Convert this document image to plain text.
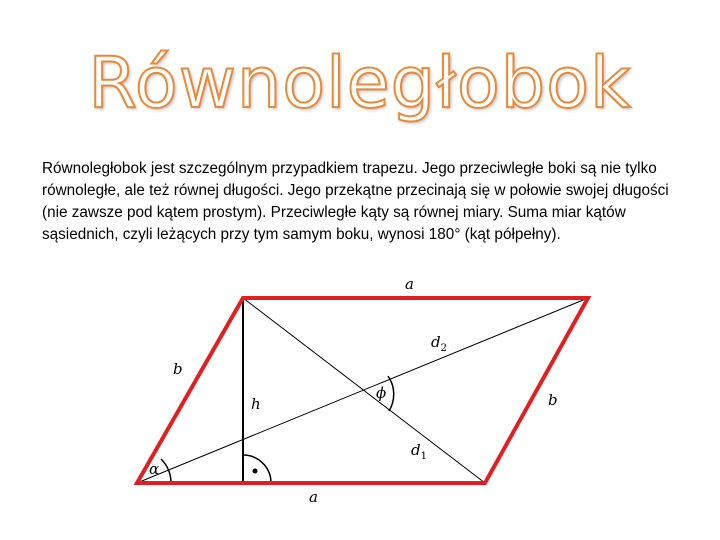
Równoległobok

Równoległobok jest szczególnym przypadkiem trapezu. Jego przeciwległe boki są nie tylko równoległe, ale też równej długości. Jego przekątne przecinają się w połowie swojej długości (nie zawsze pod kątem prostym). Przeciwległe kąty są równej miary. Suma miar kątów sąsiednich, czyli leżących przy tym samym boku, wynosi 180° (kąt półpełny).

a
a
b
b
h
ϕ
α
$d_2$
$d_1$
